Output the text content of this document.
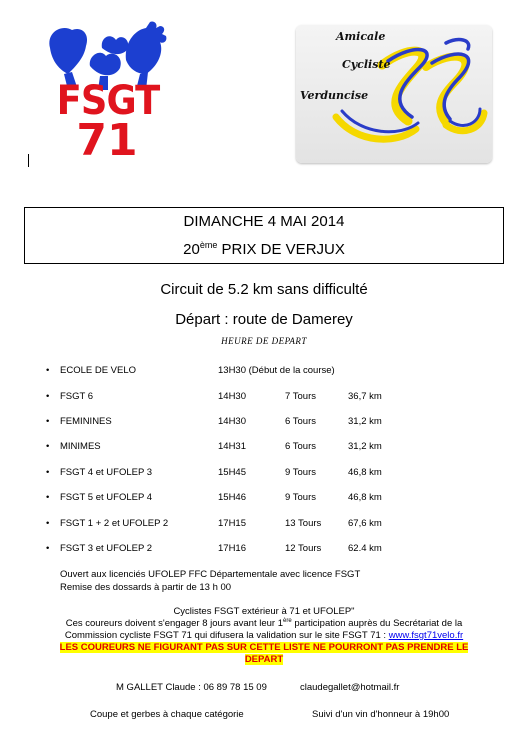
FSGT
71
Amicale
Cycliste
Verduncise
DIMANCHE 4 MAI 2014
20ème PRIX DE VERJUX
Circuit de 5.2 km sans difficulté
Départ : route de Damerey
HEURE DE DEPART
• ECOLE DE VELO	13H30 (Début de la course)
• FSGT 6	14H30	7 Tours	36,7 km
• FEMININES	14H30	6 Tours	31,2 km
• MINIMES	14H31	6 Tours	31,2 km
• FSGT 4 et UFOLEP 3	15H45	9 Tours	46,8 km
• FSGT 5 et UFOLEP 4	15H46	9 Tours	46,8 km
• FSGT 1 + 2 et UFOLEP 2	17H15	13 Tours	67,6 km
• FSGT 3 et UFOLEP 2	17H16	12 Tours	62.4 km
Ouvert aux licenciés UFOLEP FFC Départementale avec licence FSGT
Remise des dossards à partir de 13 h 00
Cyclistes FSGT extérieur à 71 et UFOLEP"
Ces coureurs doivent s'engager 8 jours avant leur 1ère participation auprès du Secrétariat de la
Commission cycliste FSGT 71 qui difusera la validation sur le site FSGT 71 : www.fsgt71velo.fr
LES COUREURS NE FIGURANT PAS SUR CETTE LISTE NE POURRONT PAS PRENDRE LE
DEPART
M GALLET Claude : 06 89 78 15 09	claudegallet@hotmail.fr
Coupe et gerbes à chaque catégorie	Suivi d'un vin d'honneur à 19h00
